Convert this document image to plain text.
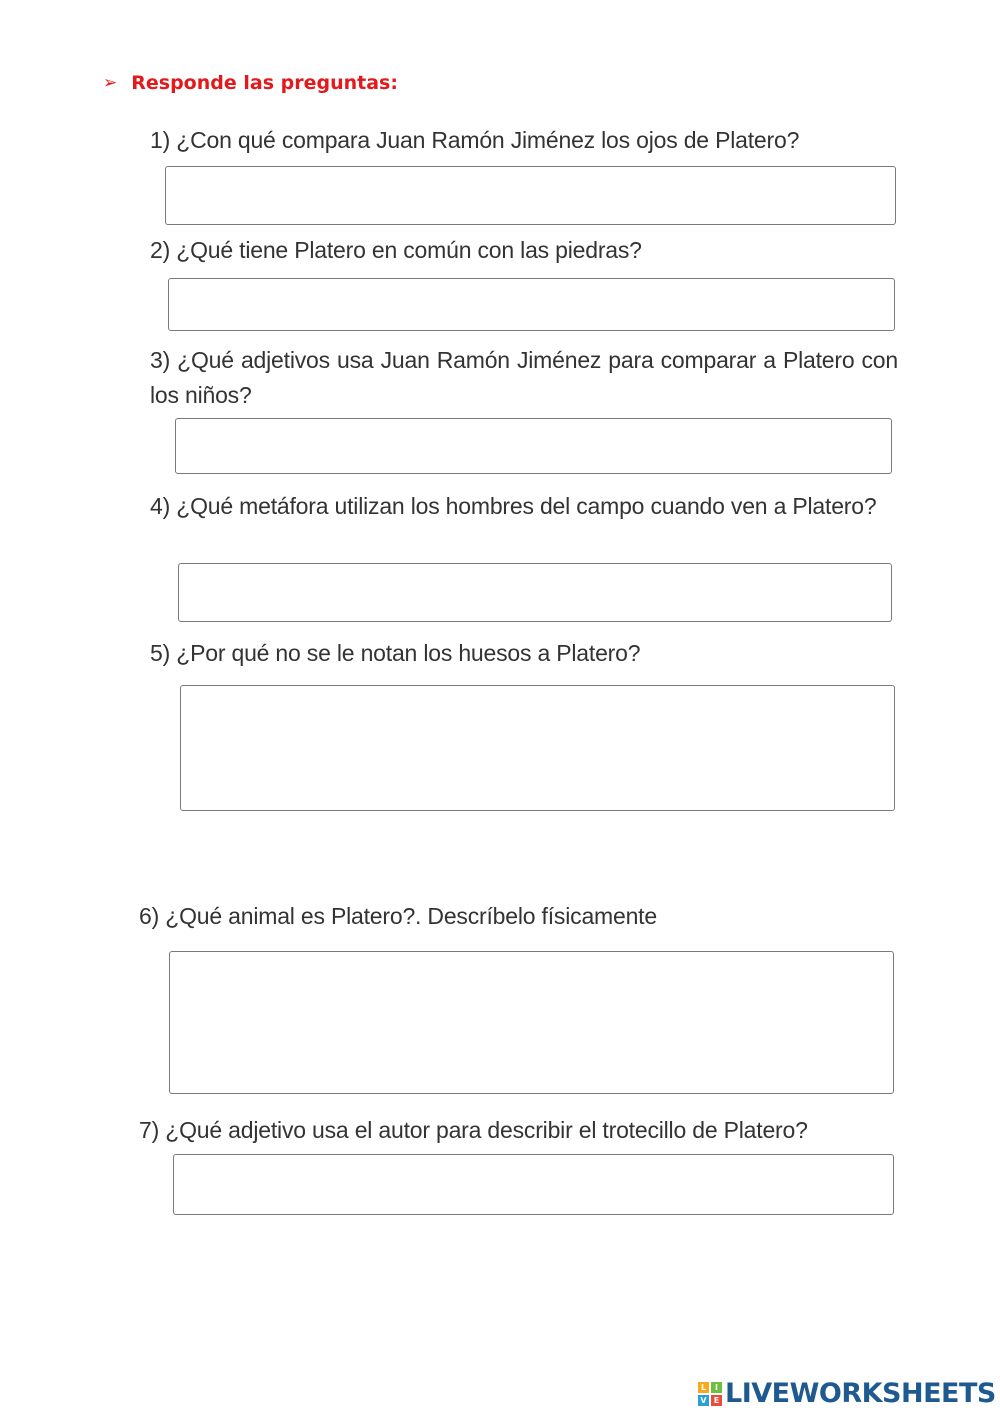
➢ Responde las preguntas:
1) ¿Con qué compara Juan Ramón Jiménez los ojos de Platero?
2) ¿Qué tiene Platero en común con las piedras?
3) ¿Qué adjetivos usa Juan Ramón Jiménez para comparar a Platero con los niños?
4) ¿Qué metáfora utilizan los hombres del campo cuando ven a Platero?
5) ¿Por qué no se le notan los huesos a Platero?
6) ¿Qué animal es Platero?. Descríbelo físicamente
7) ¿Qué adjetivo usa el autor para describir el trotecillo de Platero?
L	I
V E LIVEWORKSHEETS
